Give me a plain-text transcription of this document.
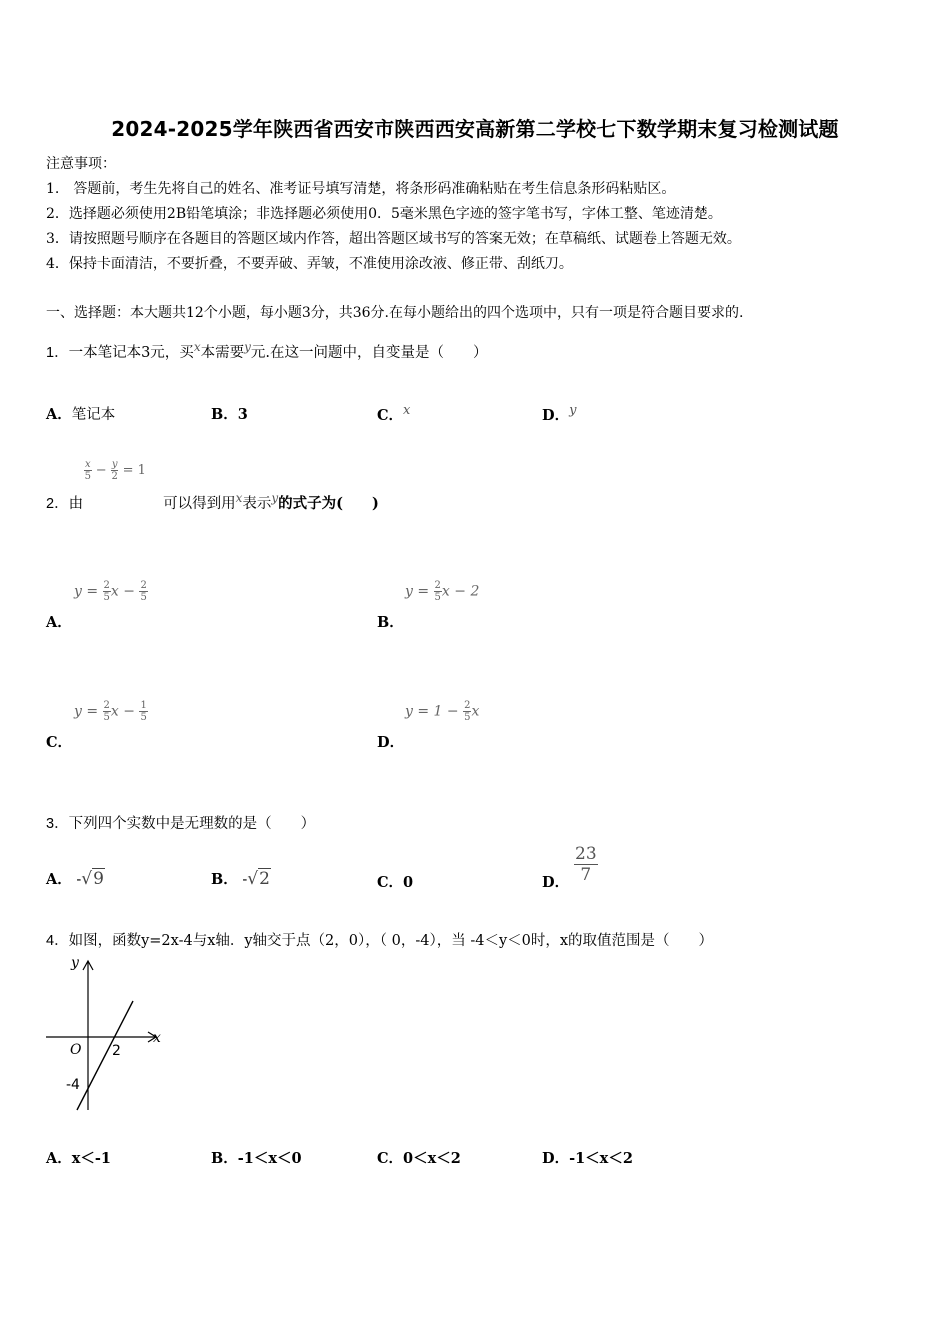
2024-2025学年陕西省西安市陕西西安高新第二学校七下数学期末复习检测试题
注意事项：
1.　答题前，考生先将自己的姓名、准考证号填写清楚，将条形码准确粘贴在考生信息条形码粘贴区。
2．选择题必须使用2B铅笔填涂；非选择题必须使用0．5毫米黑色字迹的签字笔书写，字体工整、笔迹清楚。
3．请按照题号顺序在各题目的答题区域内作答，超出答题区域书写的答案无效；在草稿纸、试题卷上答题无效。
4．保持卡面清洁，不要折叠，不要弄破、弄皱，不准使用涂改液、修正带、刮纸刀。
一、选择题：本大题共12个小题，每小题3分，共36分.在每小题给出的四个选项中，只有一项是符合题目要求的.
1．一本笔记本3元，买$^x$本需要$^y$元.在这一问题中，自变量是（　　）
A．笔记本	B．3	C．$^x$	D．$^y$
$\frac{x}{5} - \frac{y}{2} = 1$
2．由	可以得到用$^x$表示$^y$的式子为(　　)
$y = \frac{2}{5}$ $x - \frac{2}{5}$
A．
$y = \frac{2}{5}$ x − 2
B．
$y = \frac{2}{5}$ $x - \frac{1}{5}$
C．
$y = 1 - \frac{2}{5}$ x
D．
3．下列四个实数中是无理数的是（　　）
A． -√9	B． -√2	C．0	D． $\frac{23}{7}$
4．如图，函数y=2x-4与x轴．y轴交于点（2，0），（ 0，-4），当 -4＜y＜0时，x的取值范围是（　　）
y
x
O 2
-4
A．x＜-1	B．-1＜x＜0	C．0＜x＜2	D．-1＜x＜2
